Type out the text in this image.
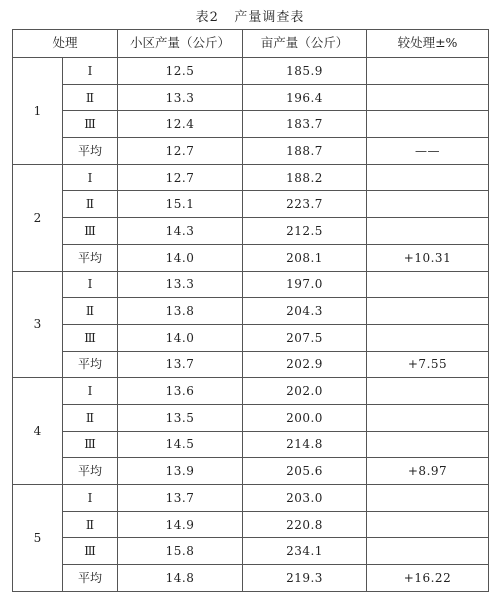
表2   产量调查表
处理		小区产量（公斤）	亩产量（公斤）	较处理±%
1	Ⅰ	12.5	185.9	
	Ⅱ	13.3	196.4	
	Ⅲ	12.4	183.7	
	平均	12.7	188.7	——
2	Ⅰ	12.7	188.2	
	Ⅱ	15.1	223.7	
	Ⅲ	14.3	212.5	
	平均	14.0	208.1	+10.31
3	Ⅰ	13.3	197.0	
	Ⅱ	13.8	204.3	
	Ⅲ	14.0	207.5	
	平均	13.7	202.9	+7.55
4	Ⅰ	13.6	202.0	
	Ⅱ	13.5	200.0	
	Ⅲ	14.5	214.8	
	平均	13.9	205.6	+8.97
5	Ⅰ	13.7	203.0	
	Ⅱ	14.9	220.8	
	Ⅲ	15.8	234.1	
	平均	14.8	219.3	+16.22
